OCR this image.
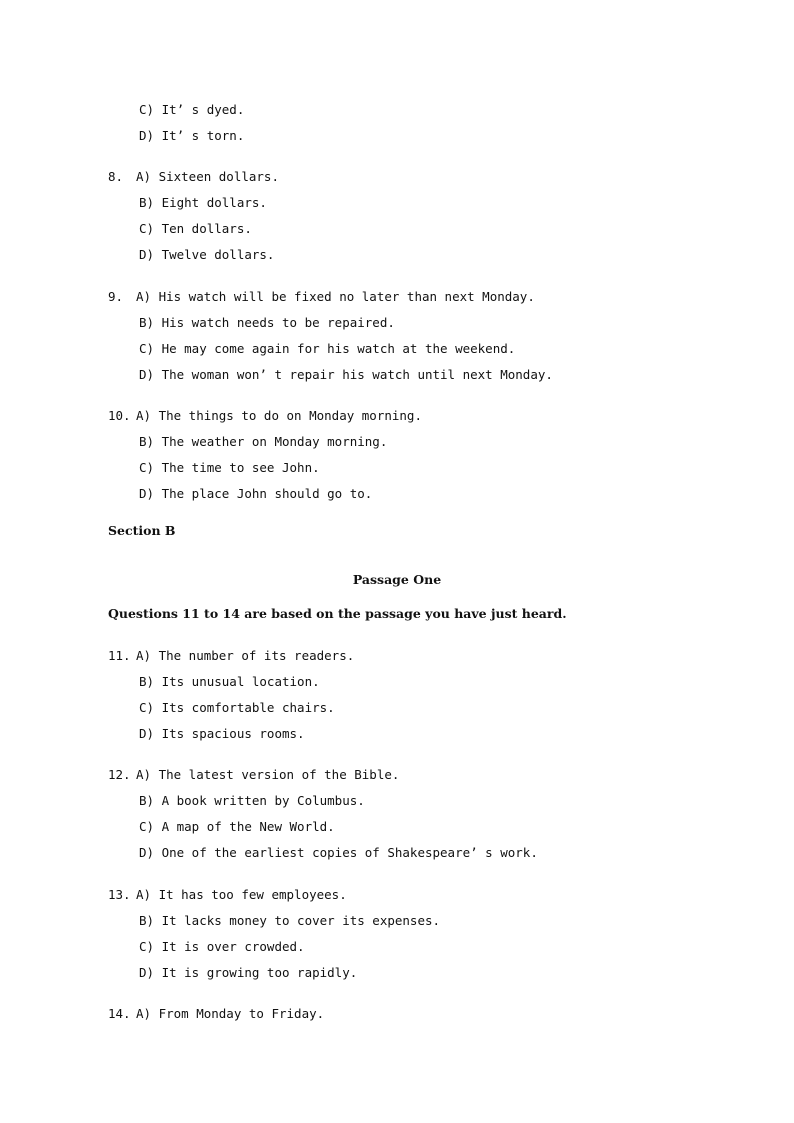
C) It’ s dyed.
D) It’ s torn.
8. A) Sixteen dollars.
B) Eight dollars.
C) Ten dollars.
D) Twelve dollars.
9. A) His watch will be fixed no later than next Monday.
B) His watch needs to be repaired.
C) He may come again for his watch at the weekend.
D) The woman won’ t repair his watch until next Monday.
10. A) The things to do on Monday morning.
B) The weather on Monday morning.
C) The time to see John.
D) The place John should go to.
Section B
Passage One
Questions 11 to 14 are based on the passage you have just heard.
11. A) The number of its readers.
B) Its unusual location.
C) Its comfortable chairs.
D) Its spacious rooms.
12. A) The latest version of the Bible.
B) A book written by Columbus.
C) A map of the New World.
D) One of the earliest copies of Shakespeare’ s work.
13. A) It has too few employees.
B) It lacks money to cover its expenses.
C) It is over crowded.
D) It is growing too rapidly.
14. A) From Monday to Friday.
